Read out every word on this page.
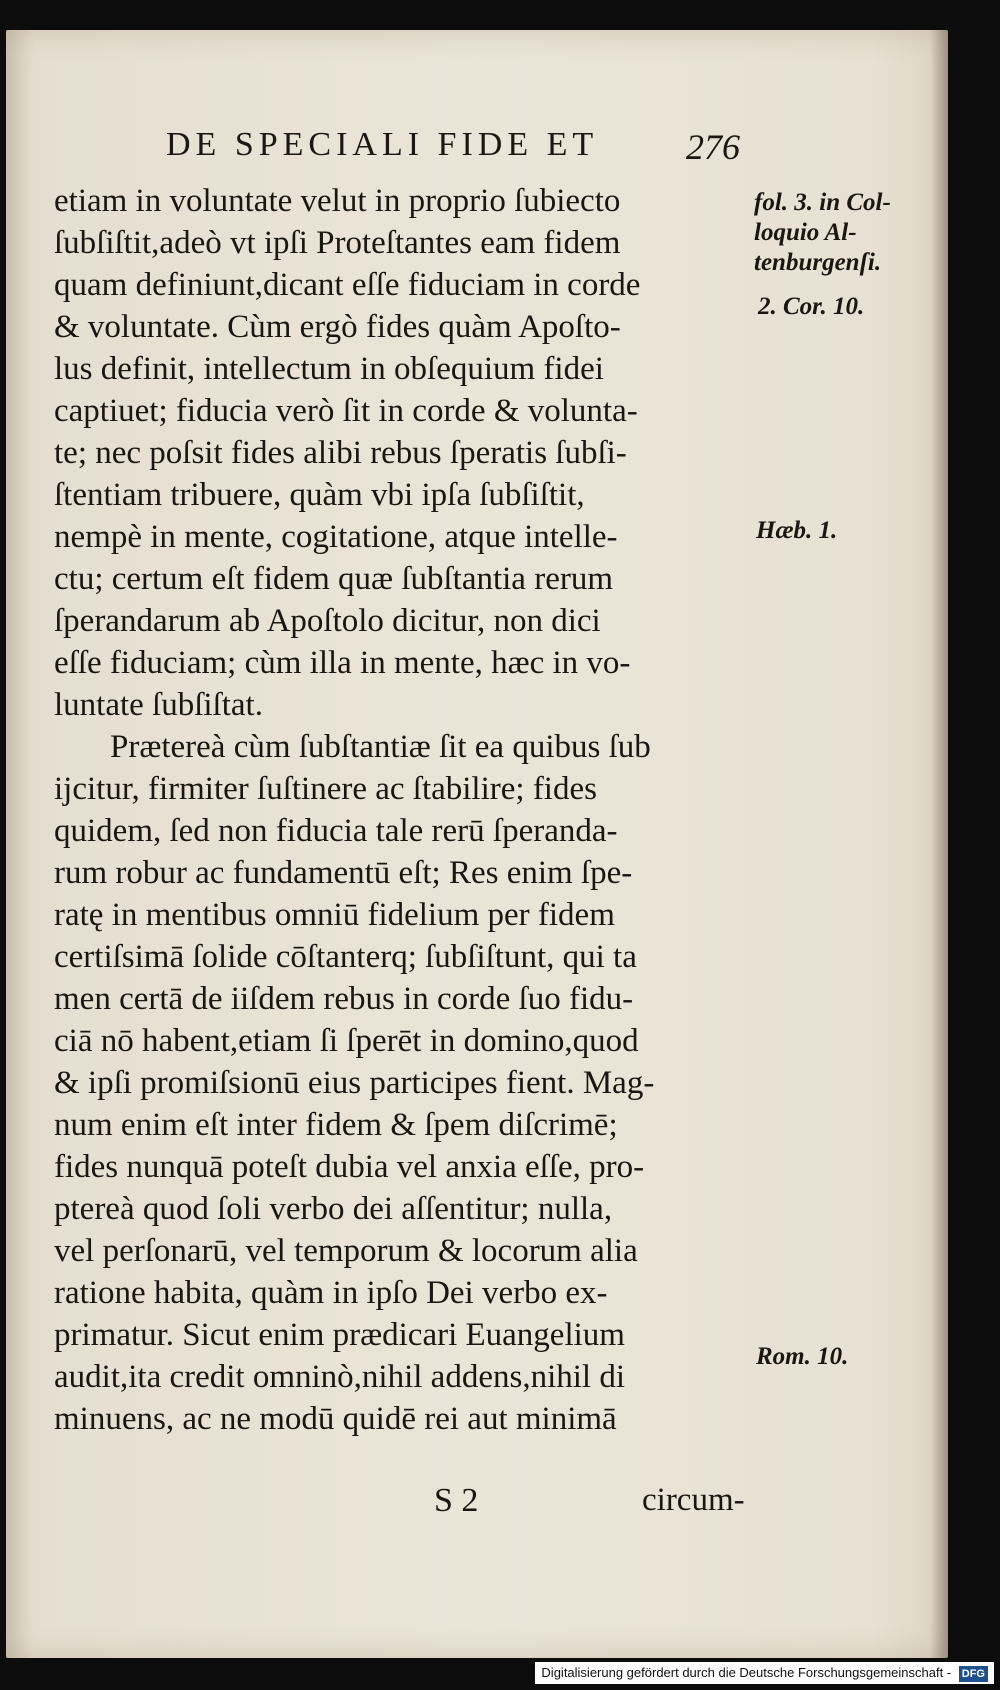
DE SPECIALI FIDE ET 276
etiam in voluntate velut in proprio ſubiecto
ſubſiſtit,adeò vt ipſi Proteſtantes eam fidem
quam definiunt,dicant eſſe fiduciam in corde
& voluntate. Cùm ergò fides quàm Apoſto-
lus definit, intellectum in obſequium fidei
captiuet; fiducia verò ſit in corde & volunta-
te; nec poſsit fides alibi rebus ſperatis ſubſi-
ſtentiam tribuere, quàm vbi ipſa ſubſiſtit,
nempè in mente, cogitatione, atque intelle-
ctu; certum eſt fidem quæ ſubſtantia rerum
ſperandarum ab Apoſtolo dicitur, non dici
eſſe fiduciam; cùm illa in mente, hæc in vo-
luntate ſubſiſtat.
Prætereà cùm ſubſtantiæ ſit ea quibus ſub
ijcitur, firmiter ſuſtinere ac ſtabilire; fides
quidem, ſed non fiducia tale rerū ſperanda-
rum robur ac fundamentū eſt; Res enim ſpe-
ratę in mentibus omniū fidelium per fidem
certiſsimā ſolide cōſtanterq; ſubſiſtunt, qui ta
men certā de iiſdem rebus in corde ſuo fidu-
ciā nō habent,etiam ſi ſperēt in domino,quod
& ipſi promiſsionū eius participes fient. Mag-
num enim eſt inter fidem & ſpem diſcrimē;
fides nunquā poteſt dubia vel anxia eſſe, pro-
ptereà quod ſoli verbo dei aſſentitur; nulla,
vel perſonarū, vel temporum & locorum alia
ratione habita, quàm in ipſo Dei verbo ex-
primatur. Sicut enim prædicari Euangelium
audit,ita credit omninò,nihil addens,nihil di
minuens, ac ne modū quidē rei aut minimā
fol. 3. in Col-
loquio Al-
tenburgenſi.
2. Cor. 10.
Hæb. 1.
Rom. 10.
S 2	circum-
Digitalisierung gefördert durch die Deutsche Forschungsgemeinschaft - DFG
